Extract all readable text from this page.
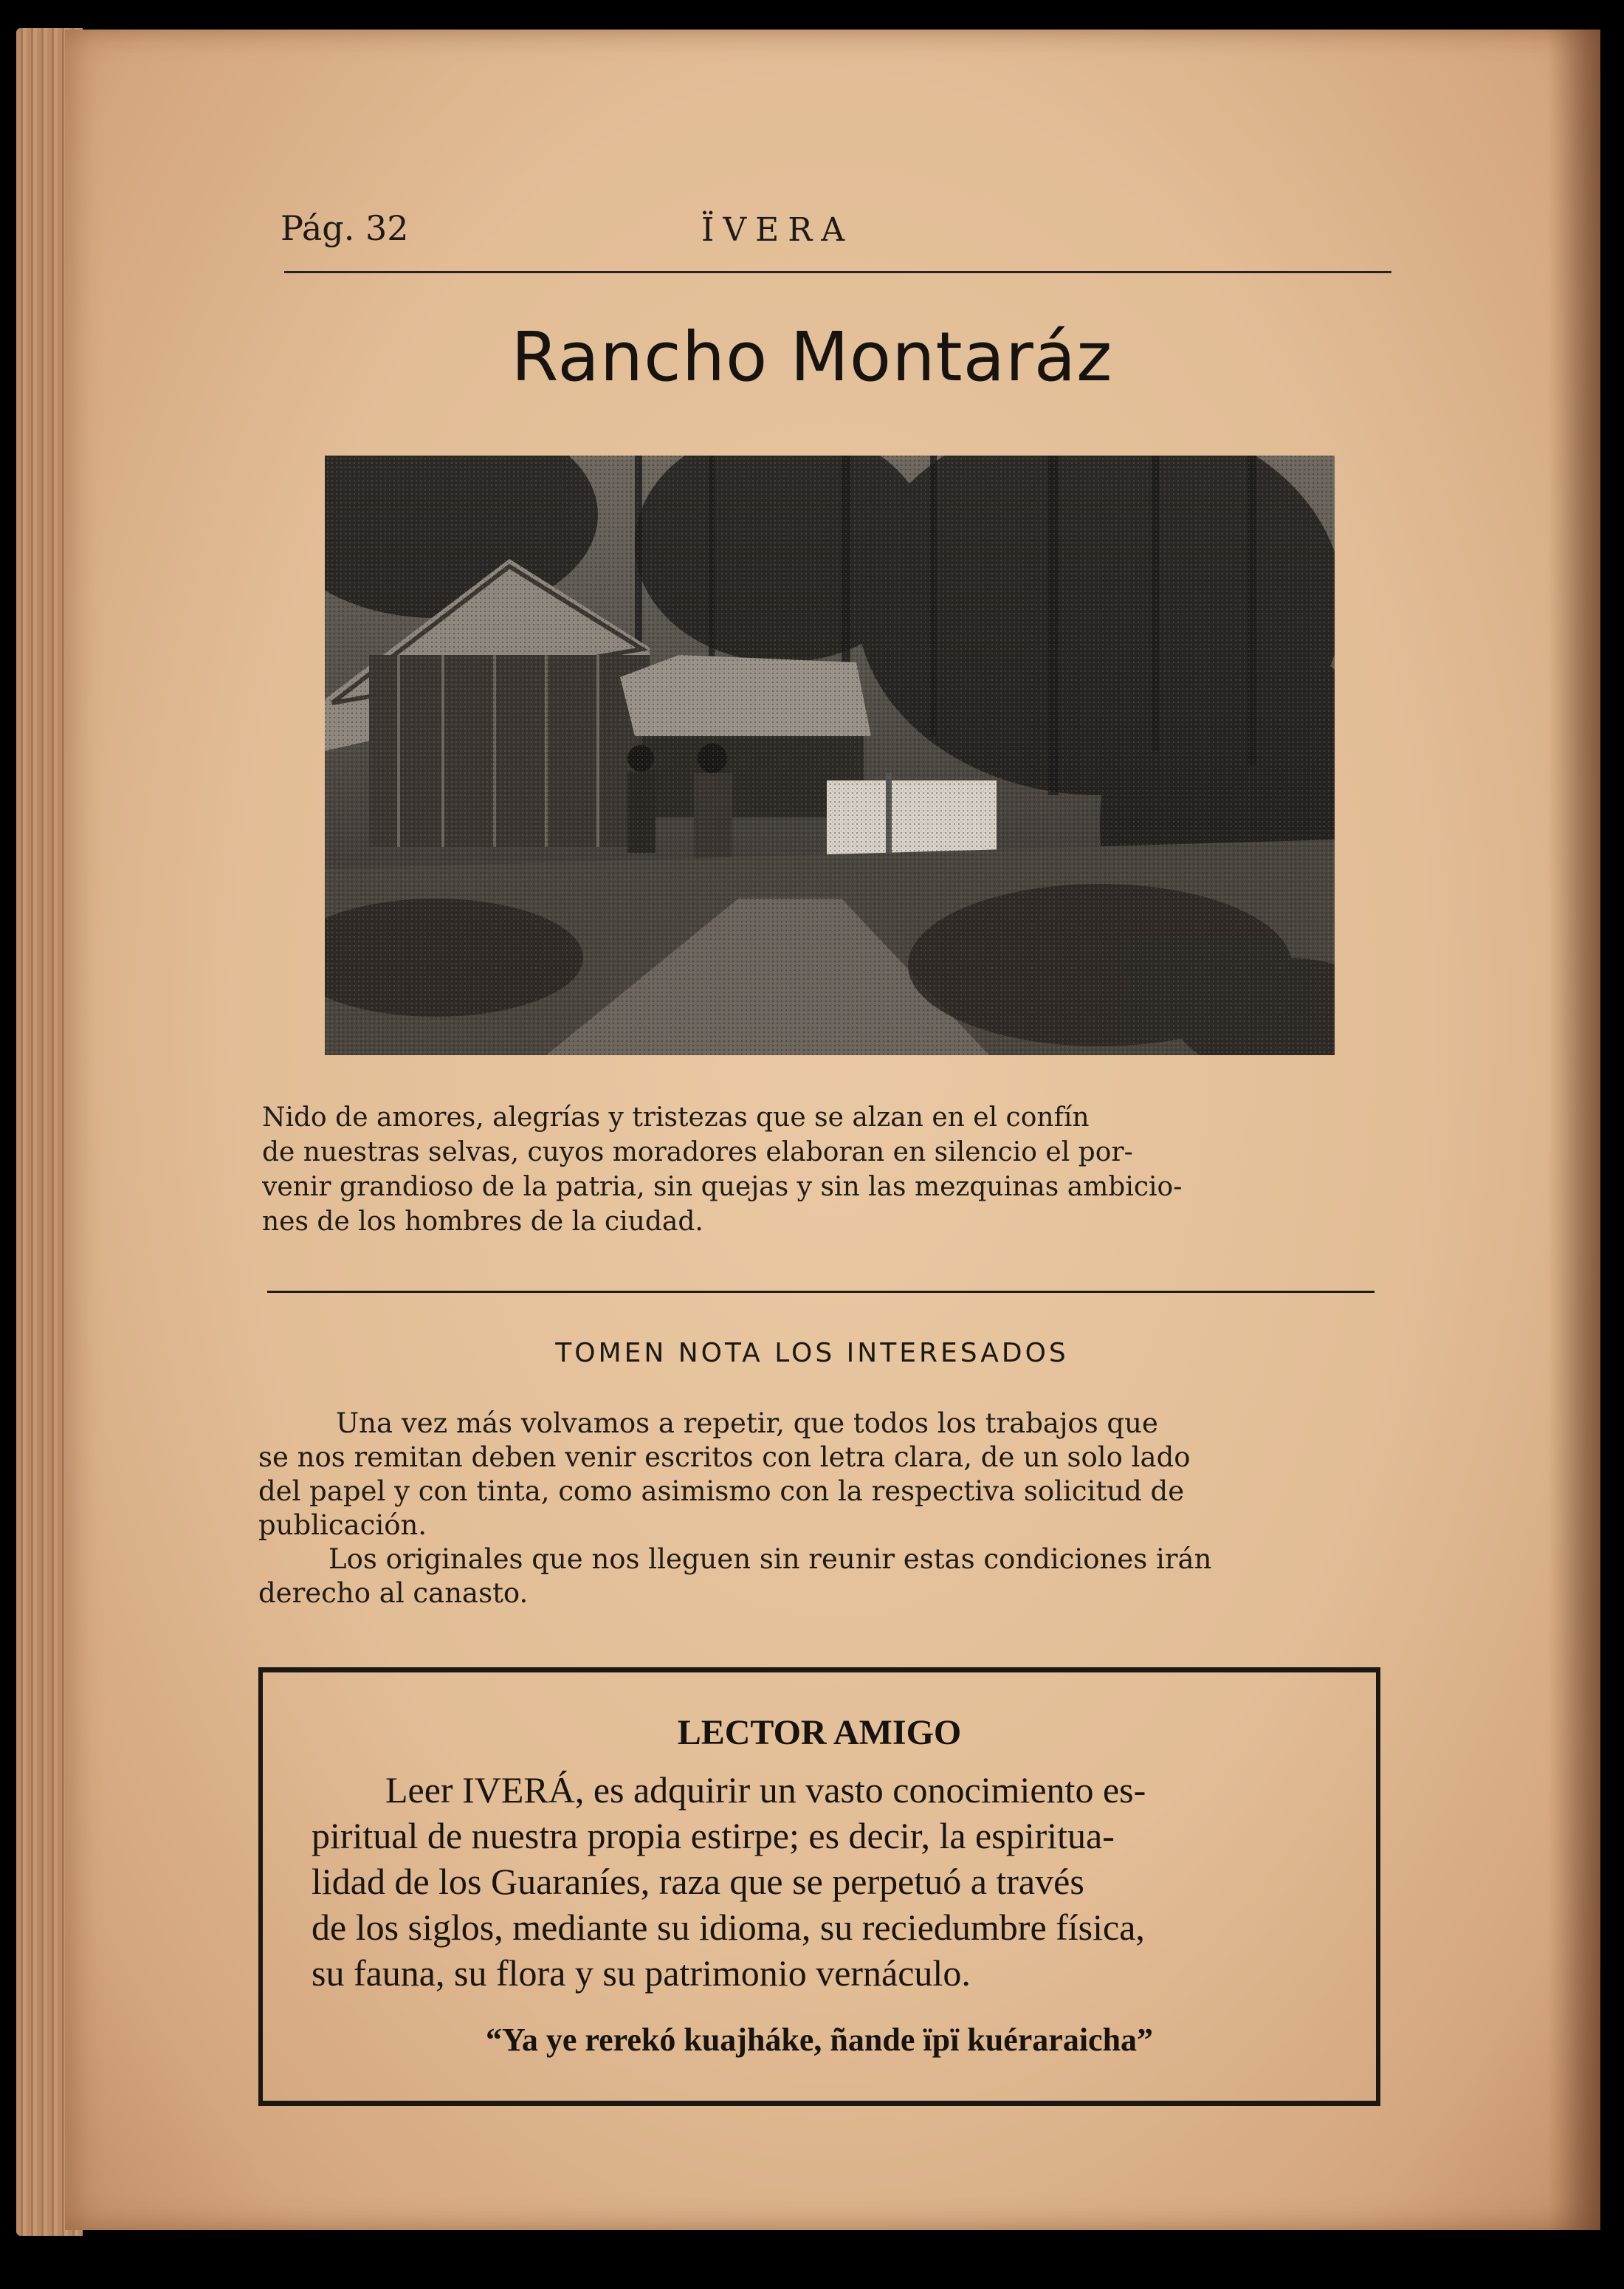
Pág. 32	ÏVERA
Rancho Montaráz
Nido de amores, alegrías y tristezas que se alzan en el confín
de nuestras selvas, cuyos moradores elaboran en silencio el por-
venir grandioso de la patria, sin quejas y sin las mezquinas ambicio-
nes de los hombres de la ciudad.
TOMEN NOTA LOS INTERESADOS
Una vez más volvamos a repetir, que todos los trabajos que
se nos remitan deben venir escritos con letra clara, de un solo lado
del papel y con tinta, como asimismo con la respectiva solicitud de
publicación.
Los originales que nos lleguen sin reunir estas condiciones irán
derecho al canasto.
LECTOR AMIGO
Leer IVERÁ, es adquirir un vasto conocimiento es-
piritual de nuestra propia estirpe; es decir, la espiritua-
lidad de los Guaraníes, raza que se perpetuó a través
de los siglos, mediante su idioma, su reciedumbre física,
su fauna, su flora y su patrimonio vernáculo.
“Ya ye rerekó kuajháke, ñande ïpï kuéraraicha”
